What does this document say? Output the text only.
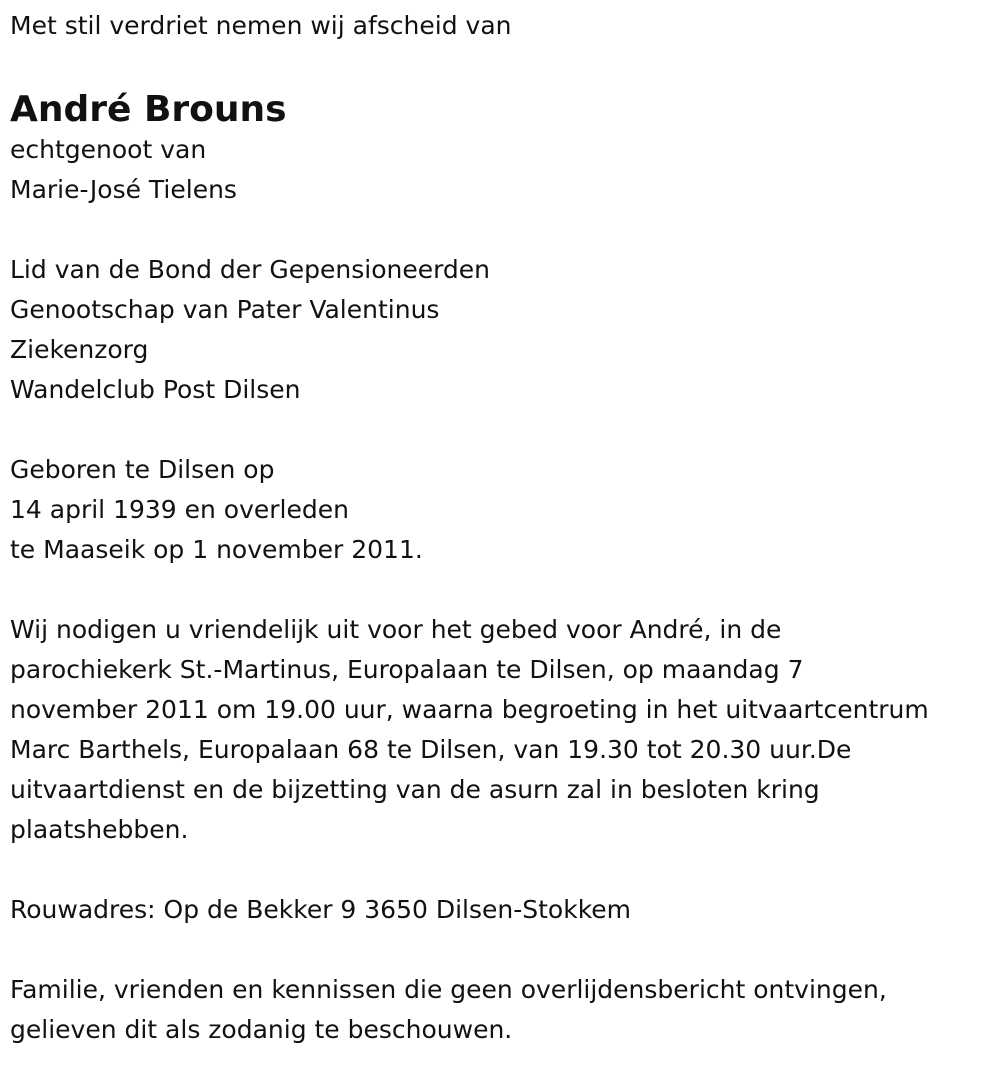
Met stil verdriet nemen wij afscheid van
André Brouns
echtgenoot van
Marie-José Tielens
Lid van de Bond der Gepensioneerden
Genootschap van Pater Valentinus
Ziekenzorg
Wandelclub Post Dilsen
Geboren te Dilsen op
14 april 1939 en overleden
te Maaseik op 1 november 2011.
Wij nodigen u vriendelijk uit voor het gebed voor André, in de
parochiekerk St.-Martinus, Europalaan te Dilsen, op maandag 7
november 2011 om 19.00 uur, waarna begroeting in het uitvaartcentrum
Marc Barthels, Europalaan 68 te Dilsen, van 19.30 tot 20.30 uur.De
uitvaartdienst en de bijzetting van de asurn zal in besloten kring
plaatshebben.
Rouwadres: Op de Bekker 9 3650 Dilsen-Stokkem
Familie, vrienden en kennissen die geen overlijdensbericht ontvingen,
gelieven dit als zodanig te beschouwen.
